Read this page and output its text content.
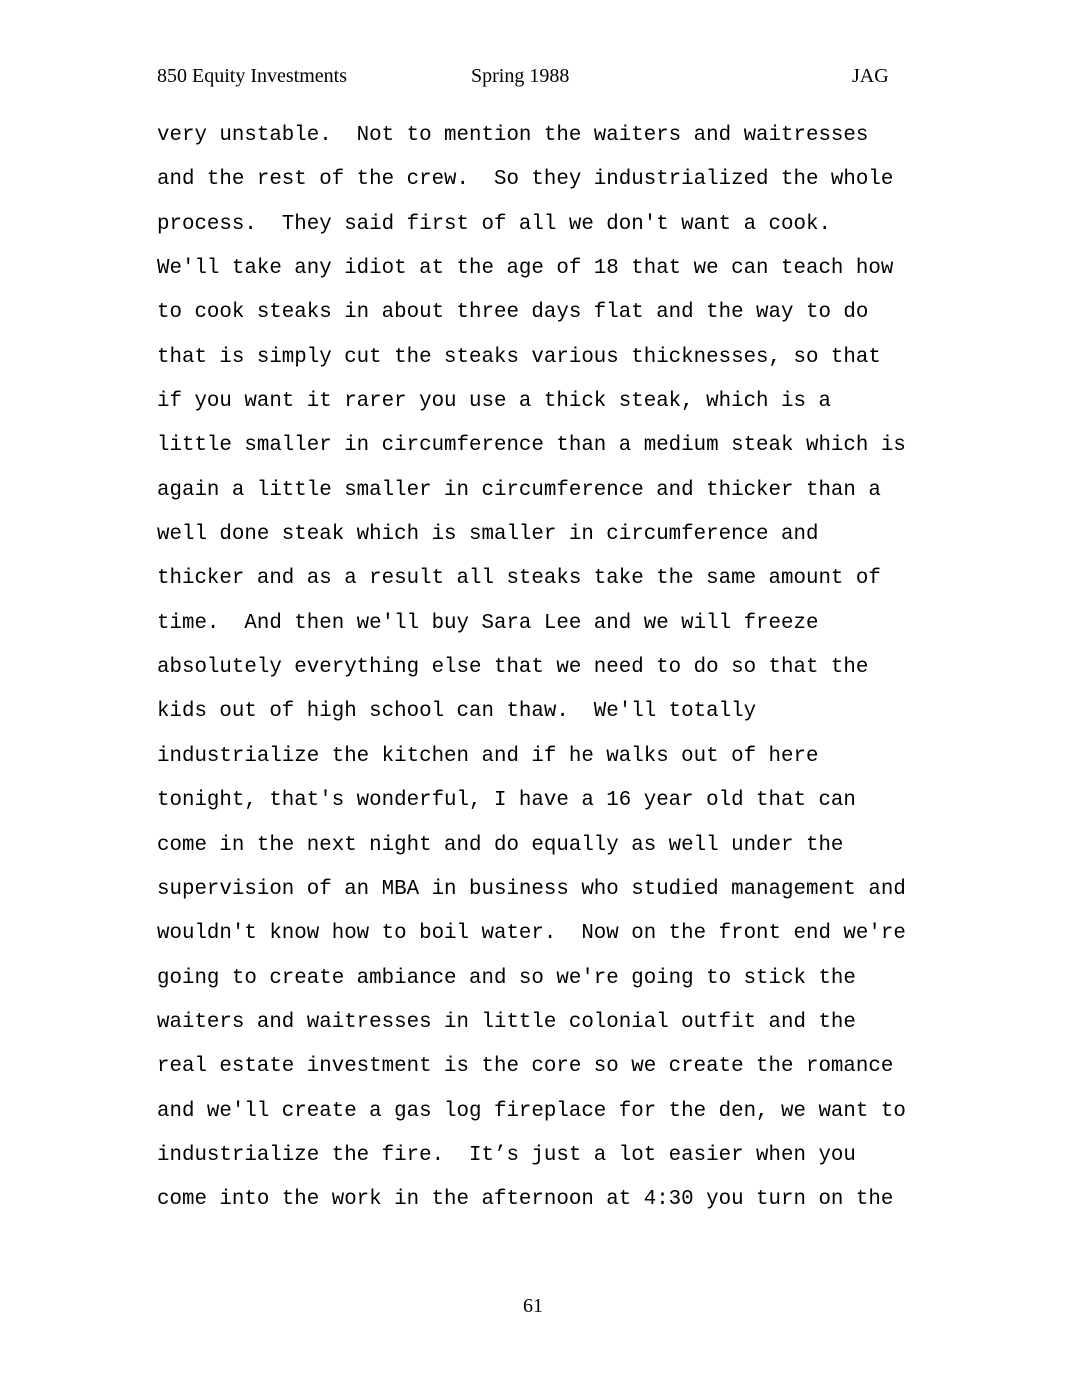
850 Equity Investments	Spring 1988	JAG
very unstable.  Not to mention the waiters and waitresses
and the rest of the crew.  So they industrialized the whole
process.  They said first of all we don't want a cook.
We'll take any idiot at the age of 18 that we can teach how
to cook steaks in about three days flat and the way to do
that is simply cut the steaks various thicknesses, so that
if you want it rarer you use a thick steak, which is a
little smaller in circumference than a medium steak which is
again a little smaller in circumference and thicker than a
well done steak which is smaller in circumference and
thicker and as a result all steaks take the same amount of
time.  And then we'll buy Sara Lee and we will freeze
absolutely everything else that we need to do so that the
kids out of high school can thaw.  We'll totally
industrialize the kitchen and if he walks out of here
tonight, that's wonderful, I have a 16 year old that can
come in the next night and do equally as well under the
supervision of an MBA in business who studied management and
wouldn't know how to boil water.  Now on the front end we're
going to create ambiance and so we're going to stick the
waiters and waitresses in little colonial outfit and the
real estate investment is the core so we create the romance
and we'll create a gas log fireplace for the den, we want to
industrialize the fire.  It’s just a lot easier when you
come into the work in the afternoon at 4:30 you turn on the
61
